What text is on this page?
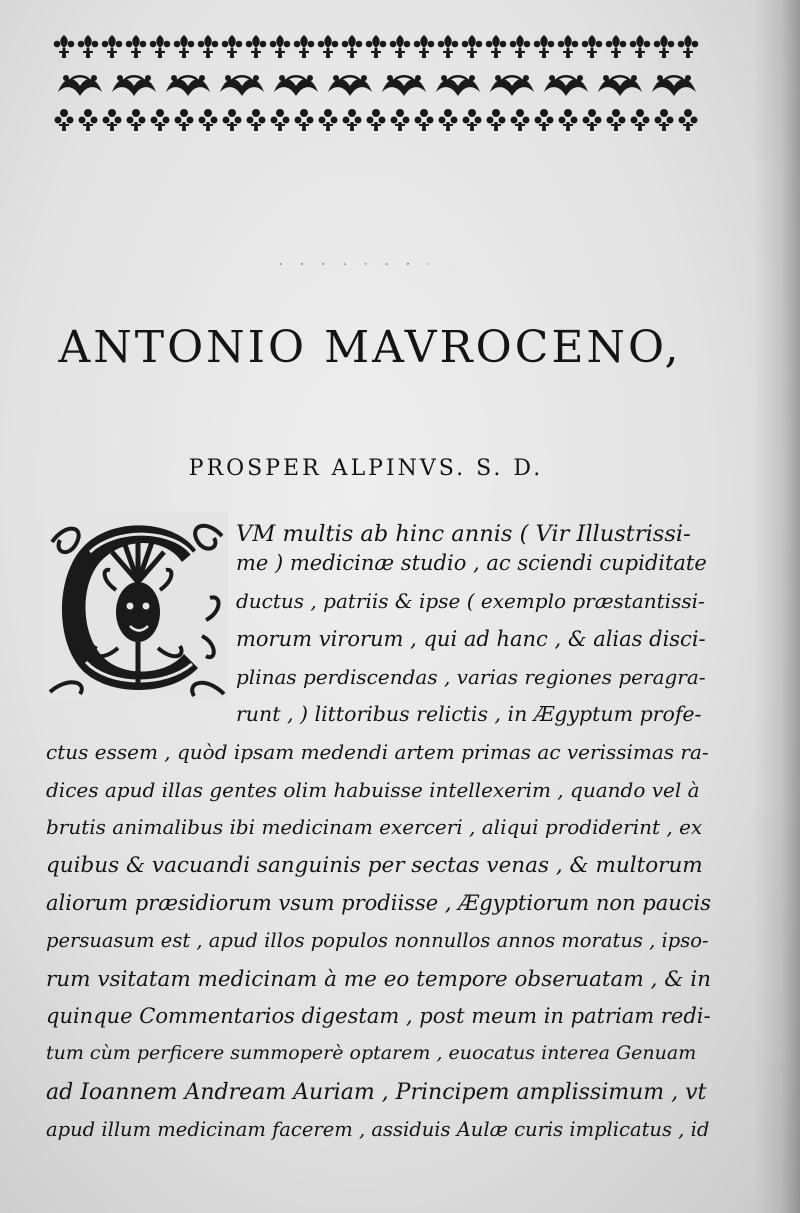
SENATORI,
ANTONIO MAVROCENO,
PROSPER ALPINVS. S. D.
VM multis ab hinc annis ( Vir Illustrissi-
me ) medicinæ studio , ac sciendi cupiditate
ductus , patriis & ipse ( exemplo præstantissi-
morum virorum , qui ad hanc , & alias disci-
plinas perdiscendas , varias regiones peragra-
runt , ) littoribus relictis , in Ægyptum profe-
ctus essem , quòd ipsam medendi artem primas ac verissimas ra-
dices apud illas gentes olim habuisse intellexerim , quando vel à
brutis animalibus ibi medicinam exerceri , aliqui prodiderint , ex
quibus & vacuandi sanguinis per sectas venas , & multorum
aliorum præsidiorum vsum prodiisse , Ægyptiorum non paucis
persuasum est , apud illos populos nonnullos annos moratus , ipso-
rum vsitatam medicinam à me eo tempore obseruatam , & in
quinque Commentarios digestam , post meum in patriam redi-
tum cùm perficere summoperè optarem , euocatus interea Genuam
ad Ioannem Andream Auriam , Principem amplissimum , vt
apud illum medicinam facerem , assiduis Aulæ curis implicatus , id
